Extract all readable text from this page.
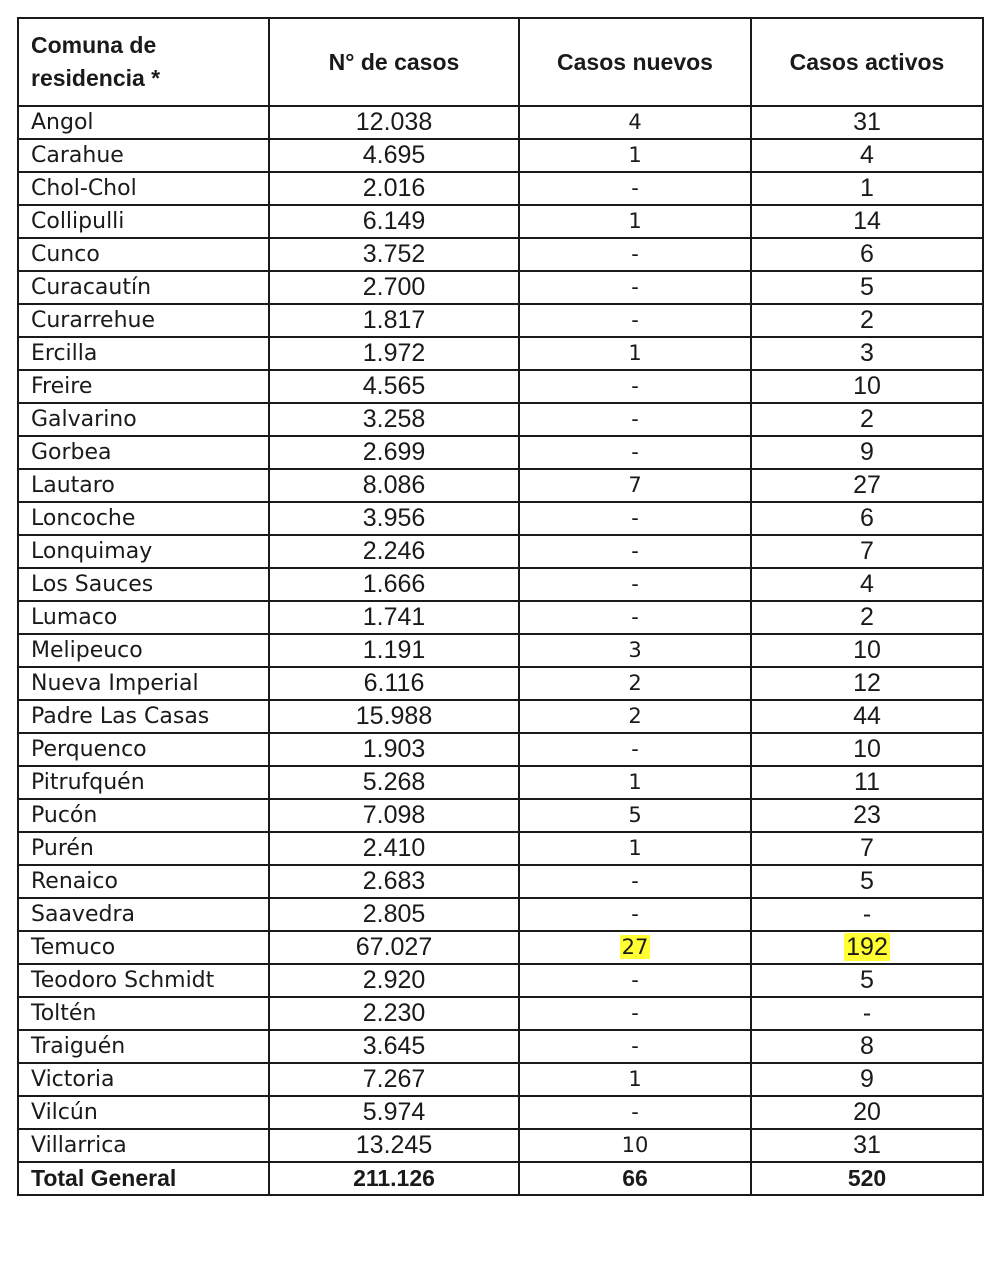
Comuna de
residencia *	N° de casos	Casos nuevos	Casos activos
Angol	12.038	4	31
Carahue	4.695	1	4
Chol-Chol	2.016	-	1
Collipulli	6.149	1	14
Cunco	3.752	-	6
Curacautín	2.700	-	5
Curarrehue	1.817	-	2
Ercilla	1.972	1	3
Freire	4.565	-	10
Galvarino	3.258	-	2
Gorbea	2.699	-	9
Lautaro	8.086	7	27
Loncoche	3.956	-	6
Lonquimay	2.246	-	7
Los Sauces	1.666	-	4
Lumaco	1.741	-	2
Melipeuco	1.191	3	10
Nueva Imperial	6.116	2	12
Padre Las Casas	15.988	2	44
Perquenco	1.903	-	10
Pitrufquén	5.268	1	11
Pucón	7.098	5	23
Purén	2.410	1	7
Renaico	2.683	-	5
Saavedra	2.805	-	-
Temuco	67.027	27	192
Teodoro Schmidt	2.920	-	5
Toltén	2.230	-	-
Traiguén	3.645	-	8
Victoria	7.267	1	9
Vilcún	5.974	-	20
Villarrica	13.245	10	31
Total General	211.126	66	520
